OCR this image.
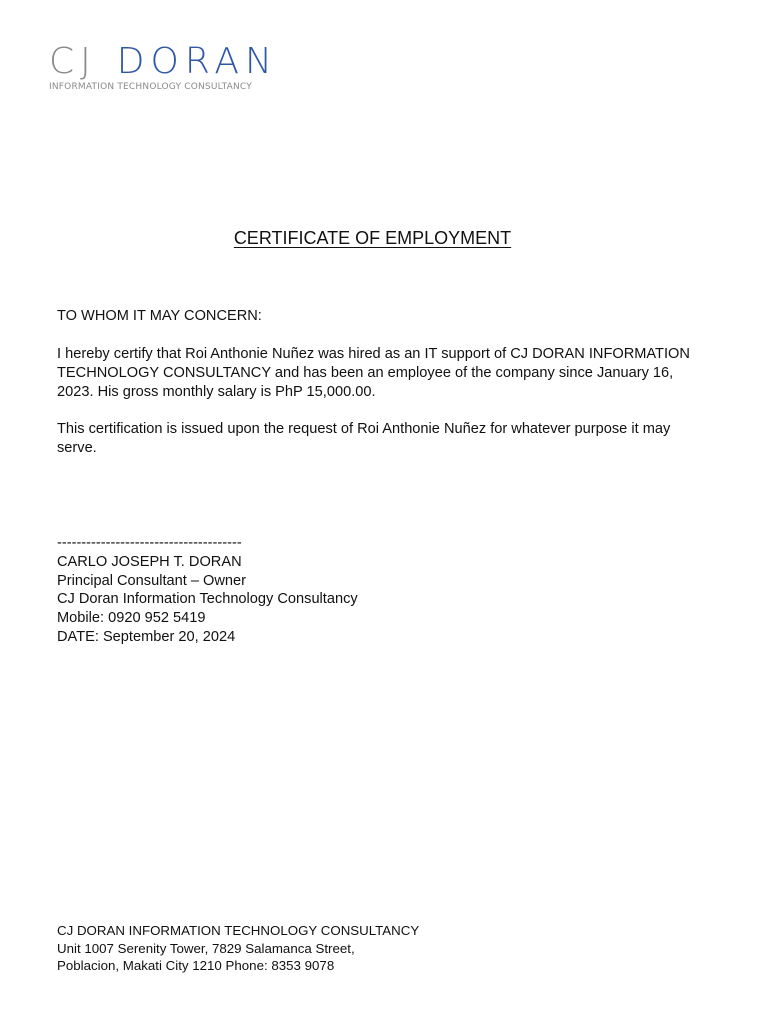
CJ DORAN
INFORMATION TECHNOLOGY CONSULTANCY
CERTIFICATE OF EMPLOYMENT

TO WHOM IT MAY CONCERN:

I hereby certify that Roi Anthonie Nuñez was hired as an IT support of CJ DORAN INFORMATION TECHNOLOGY CONSULTANCY and has been an employee of the company since January 16, 2023. His gross monthly salary is PhP 15,000.00.

This certification is issued upon the request of Roi Anthonie Nuñez for whatever purpose it may serve.

--------------------------------------
CARLO JOSEPH T. DORAN
Principal Consultant – Owner
CJ Doran Information Technology Consultancy
Mobile: 0920 952 5419
DATE: September 20, 2024
CJ DORAN INFORMATION TECHNOLOGY CONSULTANCY
Unit 1007 Serenity Tower, 7829 Salamanca Street,
Poblacion, Makati City 1210 Phone: 8353 9078
